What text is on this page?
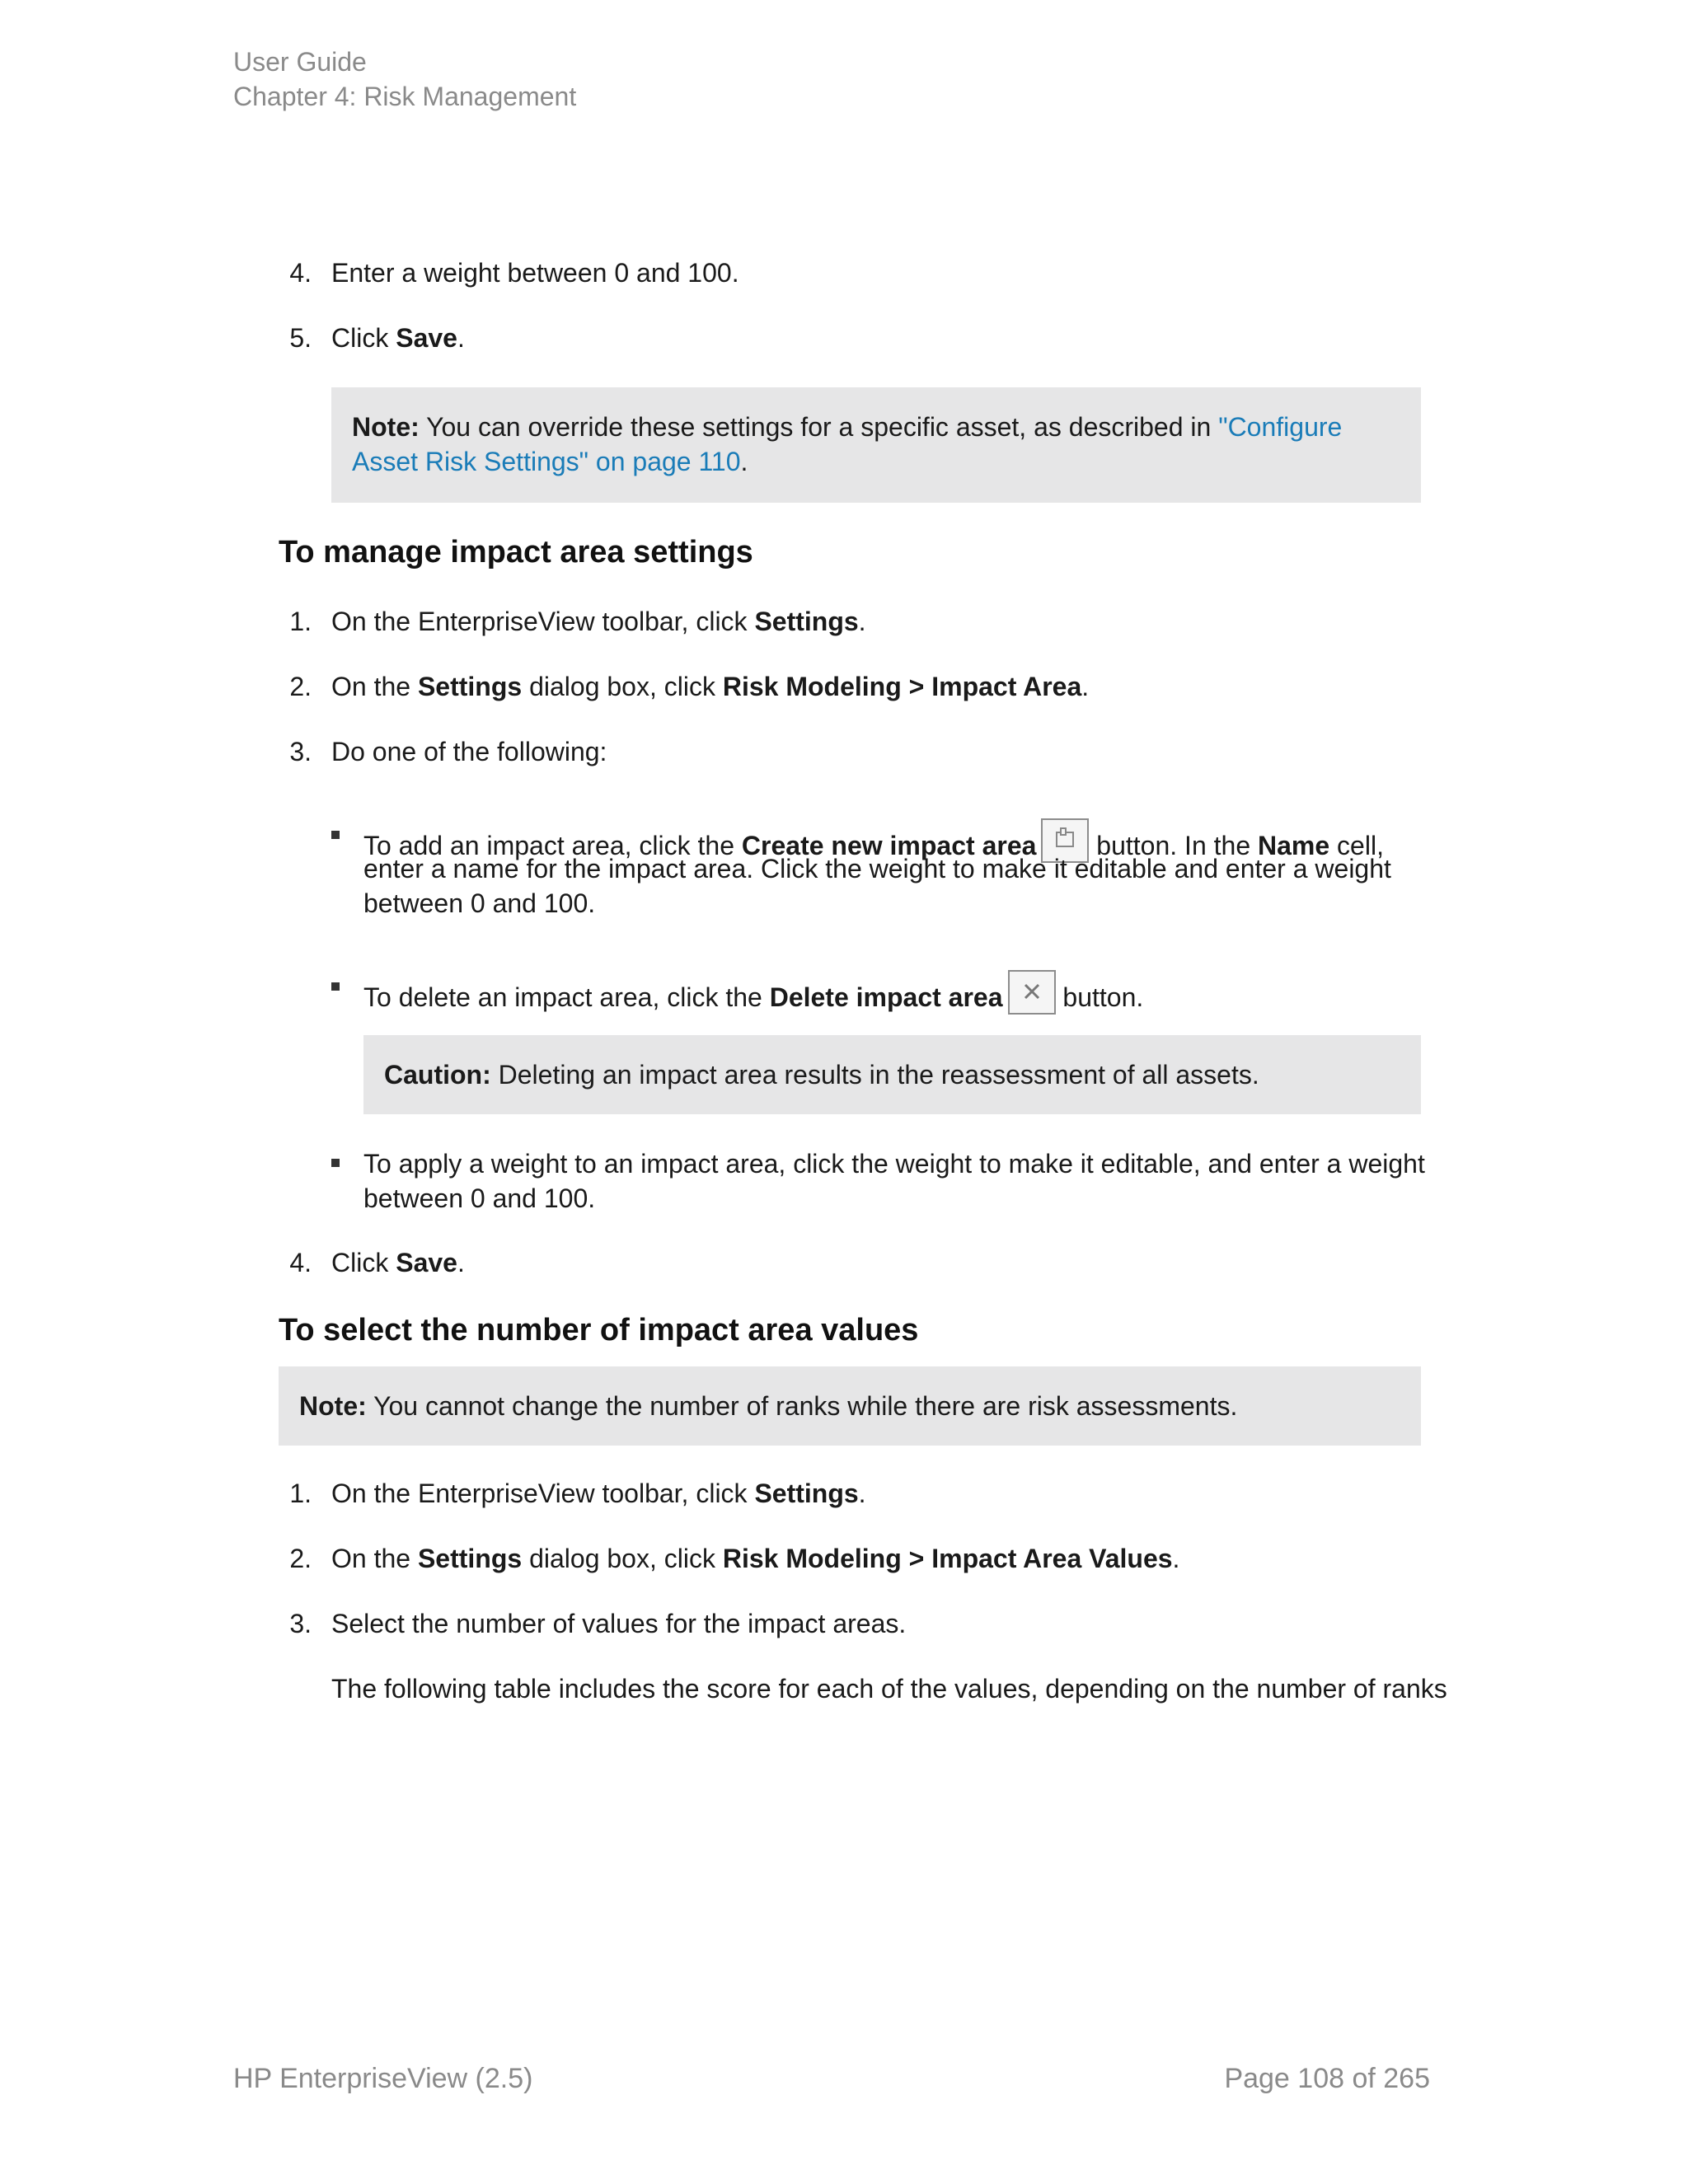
User Guide
Chapter 4: Risk Management
4. Enter a weight between 0 and 100.
5. Click Save.
Note: You can override these settings for a specific asset, as described in "Configure
Asset Risk Settings" on page 110.
To manage impact area settings
1. On the EnterpriseView toolbar, click Settings.
2. On the Settings dialog box, click Risk Modeling > Impact Area.
3. Do one of the following:
To add an impact area, click the Create new impact area
button. In the Name cell,
enter a name for the impact area. Click the weight to make it editable and enter a weight
between 0 and 100.
To delete an impact area, click the Delete impact area
button.
Caution: Deleting an impact area results in the reassessment of all assets.
To apply a weight to an impact area, click the weight to make it editable, and enter a weight
between 0 and 100.
4. Click Save.
To select the number of impact area values
Note: You cannot change the number of ranks while there are risk assessments.
1. On the EnterpriseView toolbar, click Settings.
2. On the Settings dialog box, click Risk Modeling > Impact Area Values.
3. Select the number of values for the impact areas.
The following table includes the score for each of the values, depending on the number of ranks
HP EnterpriseView (2.5)	Page 108 of 265
